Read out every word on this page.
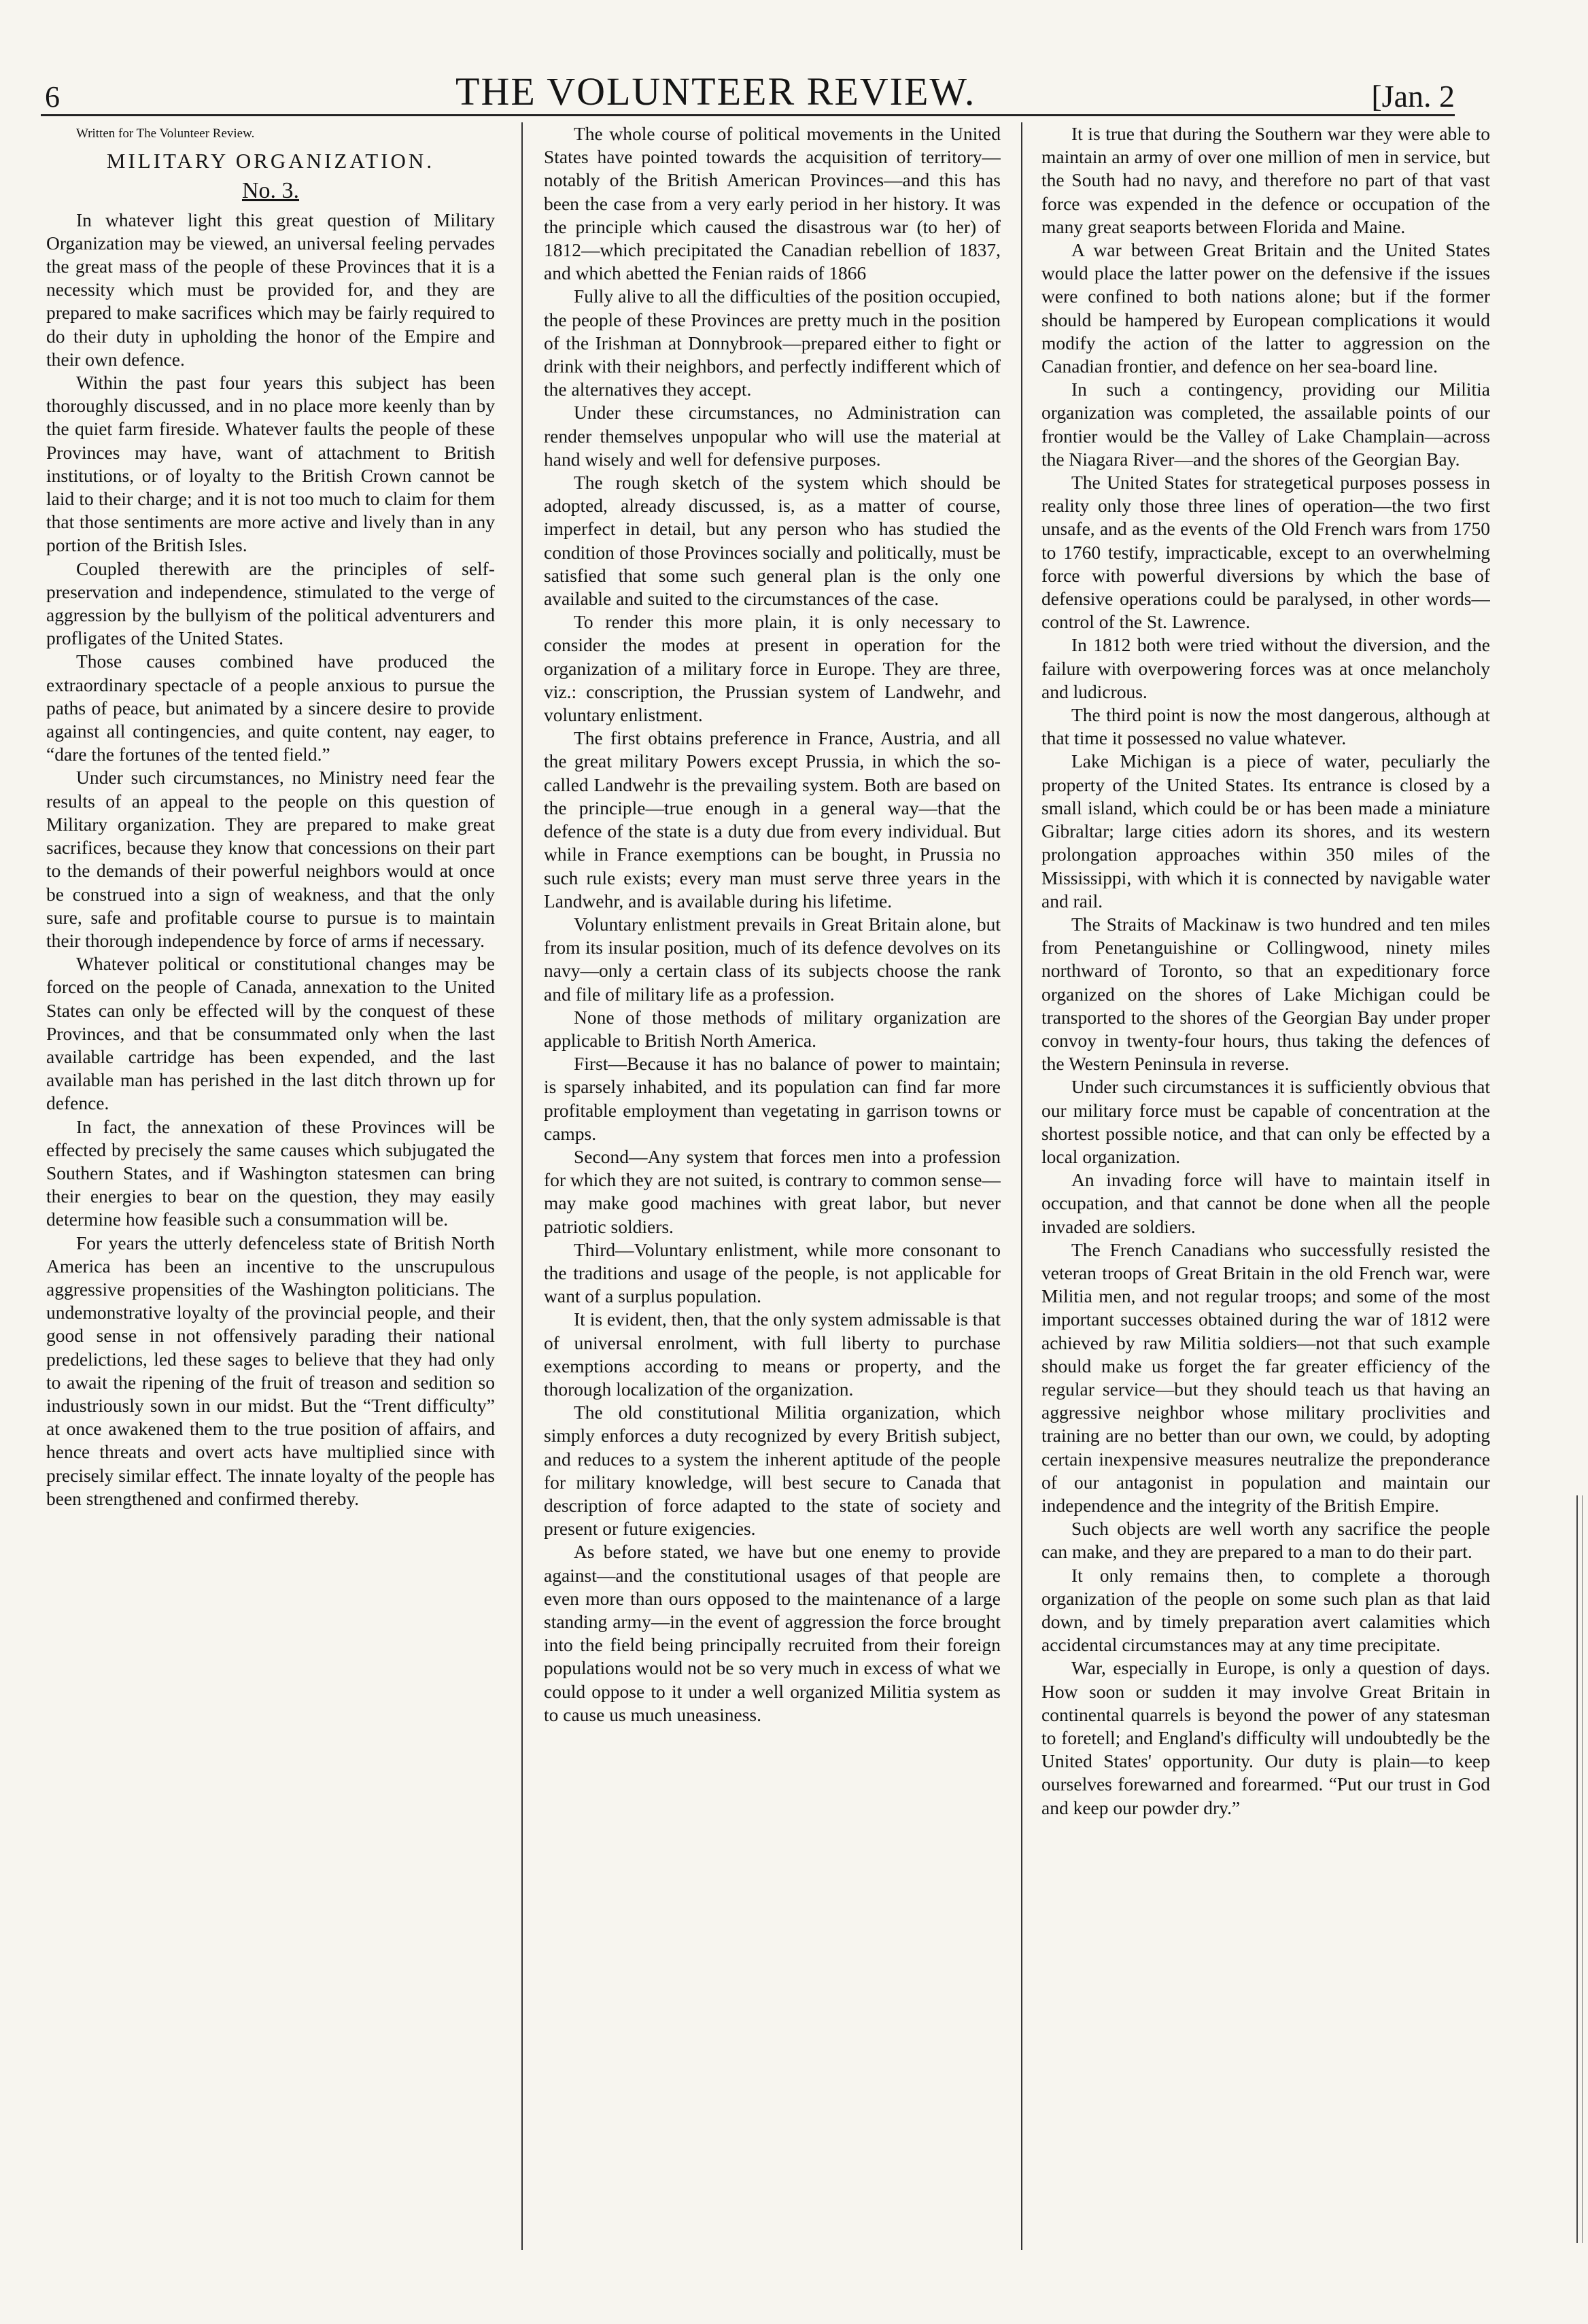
6	THE VOLUNTEER REVIEW.	[Jan. 2

Written for The Volunteer Review.

MILITARY ORGANIZATION.
No. 3.

In whatever light this great question of Military Organization may be viewed, an universal feeling pervades the great mass of the people of these Provinces that it is a necessity which must be provided for, and they are prepared to make sacrifices which may be fairly required to do their duty in upholding the honor of the Empire and their own defence.

Within the past four years this subject has been thoroughly discussed, and in no place more keenly than by the quiet farm fireside. Whatever faults the people of these Provinces may have, want of attachment to British institutions, or of loyalty to the British Crown cannot be laid to their charge; and it is not too much to claim for them that those sentiments are more active and lively than in any portion of the British Isles.

Coupled therewith are the principles of self-preservation and independence, stimulated to the verge of aggression by the bullyism of the political adventurers and profligates of the United States.

Those causes combined have produced the extraordinary spectacle of a people anxious to pursue the paths of peace, but animated by a sincere desire to provide against all contingencies, and quite content, nay eager, to “dare the fortunes of the tented field.”

Under such circumstances, no Ministry need fear the results of an appeal to the people on this question of Military organization. They are prepared to make great sacrifices, because they know that concessions on their part to the demands of their powerful neighbors would at once be construed into a sign of weakness, and that the only sure, safe and profitable course to pursue is to maintain their thorough independence by force of arms if necessary.

Whatever political or constitutional changes may be forced on the people of Canada, annexation to the United States can only be effected will by the conquest of these Provinces, and that be consummated only when the last available cartridge has been expended, and the last available man has perished in the last ditch thrown up for defence.

In fact, the annexation of these Provinces will be effected by precisely the same causes which subjugated the Southern States, and if Washington statesmen can bring their energies to bear on the question, they may easily determine how feasible such a consummation will be.

For years the utterly defenceless state of British North America has been an incentive to the unscrupulous aggressive propensities of the Washington politicians. The undemonstrative loyalty of the provincial people, and their good sense in not offensively parading their national predelictions, led these sages to believe that they had only to await the ripening of the fruit of treason and sedition so industriously sown in our midst. But the “Trent difficulty” at once awakened them to the true position of affairs, and hence threats and overt acts have multiplied since with precisely similar effect. The innate loyalty of the people has been strengthened and confirmed thereby.

The whole course of political movements in the United States have pointed towards the acquisition of territory—notably of the British American Provinces—and this has been the case from a very early period in her history. It was the principle which caused the disastrous war (to her) of 1812—which precipitated the Canadian rebellion of 1837, and which abetted the Fenian raids of 1866

Fully alive to all the difficulties of the position occupied, the people of these Provinces are pretty much in the position of the Irishman at Donnybrook—prepared either to fight or drink with their neighbors, and perfectly indifferent which of the alternatives they accept.

Under these circumstances, no Administration can render themselves unpopular who will use the material at hand wisely and well for defensive purposes.

The rough sketch of the system which should be adopted, already discussed, is, as a matter of course, imperfect in detail, but any person who has studied the condition of those Provinces socially and politically, must be satisfied that some such general plan is the only one available and suited to the circumstances of the case.

To render this more plain, it is only necessary to consider the modes at present in operation for the organization of a military force in Europe. They are three, viz.: conscription, the Prussian system of Landwehr, and voluntary enlistment.

The first obtains preference in France, Austria, and all the great military Powers except Prussia, in which the so-called Landwehr is the prevailing system. Both are based on the principle—true enough in a general way—that the defence of the state is a duty due from every individual. But while in France exemptions can be bought, in Prussia no such rule exists; every man must serve three years in the Landwehr, and is available during his lifetime.

Voluntary enlistment prevails in Great Britain alone, but from its insular position, much of its defence devolves on its navy—only a certain class of its subjects choose the rank and file of military life as a profession.

None of those methods of military organization are applicable to British North America.

First—Because it has no balance of power to maintain; is sparsely inhabited, and its population can find far more profitable employment than vegetating in garrison towns or camps.

Second—Any system that forces men into a profession for which they are not suited, is contrary to common sense—may make good machines with great labor, but never patriotic soldiers.

Third—Voluntary enlistment, while more consonant to the traditions and usage of the people, is not applicable for want of a surplus population.

It is evident, then, that the only system admissable is that of universal enrolment, with full liberty to purchase exemptions according to means or property, and the thorough localization of the organization.

The old constitutional Militia organization, which simply enforces a duty recognized by every British subject, and reduces to a system the inherent aptitude of the people for military knowledge, will best secure to Canada that description of force adapted to the state of society and present or future exigencies.

As before stated, we have but one enemy to provide against—and the constitutional usages of that people are even more than ours opposed to the maintenance of a large standing army—in the event of aggression the force brought into the field being principally recruited from their foreign populations would not be so very much in excess of what we could oppose to it under a well organized Militia system as to cause us much uneasiness.

It is true that during the Southern war they were able to maintain an army of over one million of men in service, but the South had no navy, and therefore no part of that vast force was expended in the defence or occupation of the many great seaports between Florida and Maine.

A war between Great Britain and the United States would place the latter power on the defensive if the issues were confined to both nations alone; but if the former should be hampered by European complications it would modify the action of the latter to aggression on the Canadian frontier, and defence on her sea-board line.

In such a contingency, providing our Militia organization was completed, the assailable points of our frontier would be the Valley of Lake Champlain—across the Niagara River—and the shores of the Georgian Bay.

The United States for strategetical purposes possess in reality only those three lines of operation—the two first unsafe, and as the events of the Old French wars from 1750 to 1760 testify, impracticable, except to an overwhelming force with powerful diversions by which the base of defensive operations could be paralysed, in other words—control of the St. Lawrence.

In 1812 both were tried without the diversion, and the failure with overpowering forces was at once melancholy and ludicrous.

The third point is now the most dangerous, although at that time it possessed no value whatever.

Lake Michigan is a piece of water, peculiarly the property of the United States. Its entrance is closed by a small island, which could be or has been made a miniature Gibraltar; large cities adorn its shores, and its western prolongation approaches within 350 miles of the Mississippi, with which it is connected by navigable water and rail.

The Straits of Mackinaw is two hundred and ten miles from Penetanguishine or Collingwood, ninety miles northward of Toronto, so that an expeditionary force organized on the shores of Lake Michigan could be transported to the shores of the Georgian Bay under proper convoy in twenty-four hours, thus taking the defences of the Western Peninsula in reverse.

Under such circumstances it is sufficiently obvious that our military force must be capable of concentration at the shortest possible notice, and that can only be effected by a local organization.

An invading force will have to maintain itself in occupation, and that cannot be done when all the people invaded are soldiers.

The French Canadians who successfully resisted the veteran troops of Great Britain in the old French war, were Militia men, and not regular troops; and some of the most important successes obtained during the war of 1812 were achieved by raw Militia soldiers—not that such example should make us forget the far greater efficiency of the regular service—but they should teach us that having an aggressive neighbor whose military proclivities and training are no better than our own, we could, by adopting certain inexpensive measures neutralize the preponderance of our antagonist in population and maintain our independence and the integrity of the British Empire.

Such objects are well worth any sacrifice the people can make, and they are prepared to a man to do their part.

It only remains then, to complete a thorough organization of the people on some such plan as that laid down, and by timely preparation avert calamities which accidental circumstances may at any time precipitate.

War, especially in Europe, is only a question of days. How soon or sudden it may involve Great Britain in continental quarrels is beyond the power of any statesman to foretell; and England's difficulty will undoubtedly be the United States' opportunity. Our duty is plain—to keep ourselves forewarned and forearmed. “Put our trust in God and keep our powder dry.”
